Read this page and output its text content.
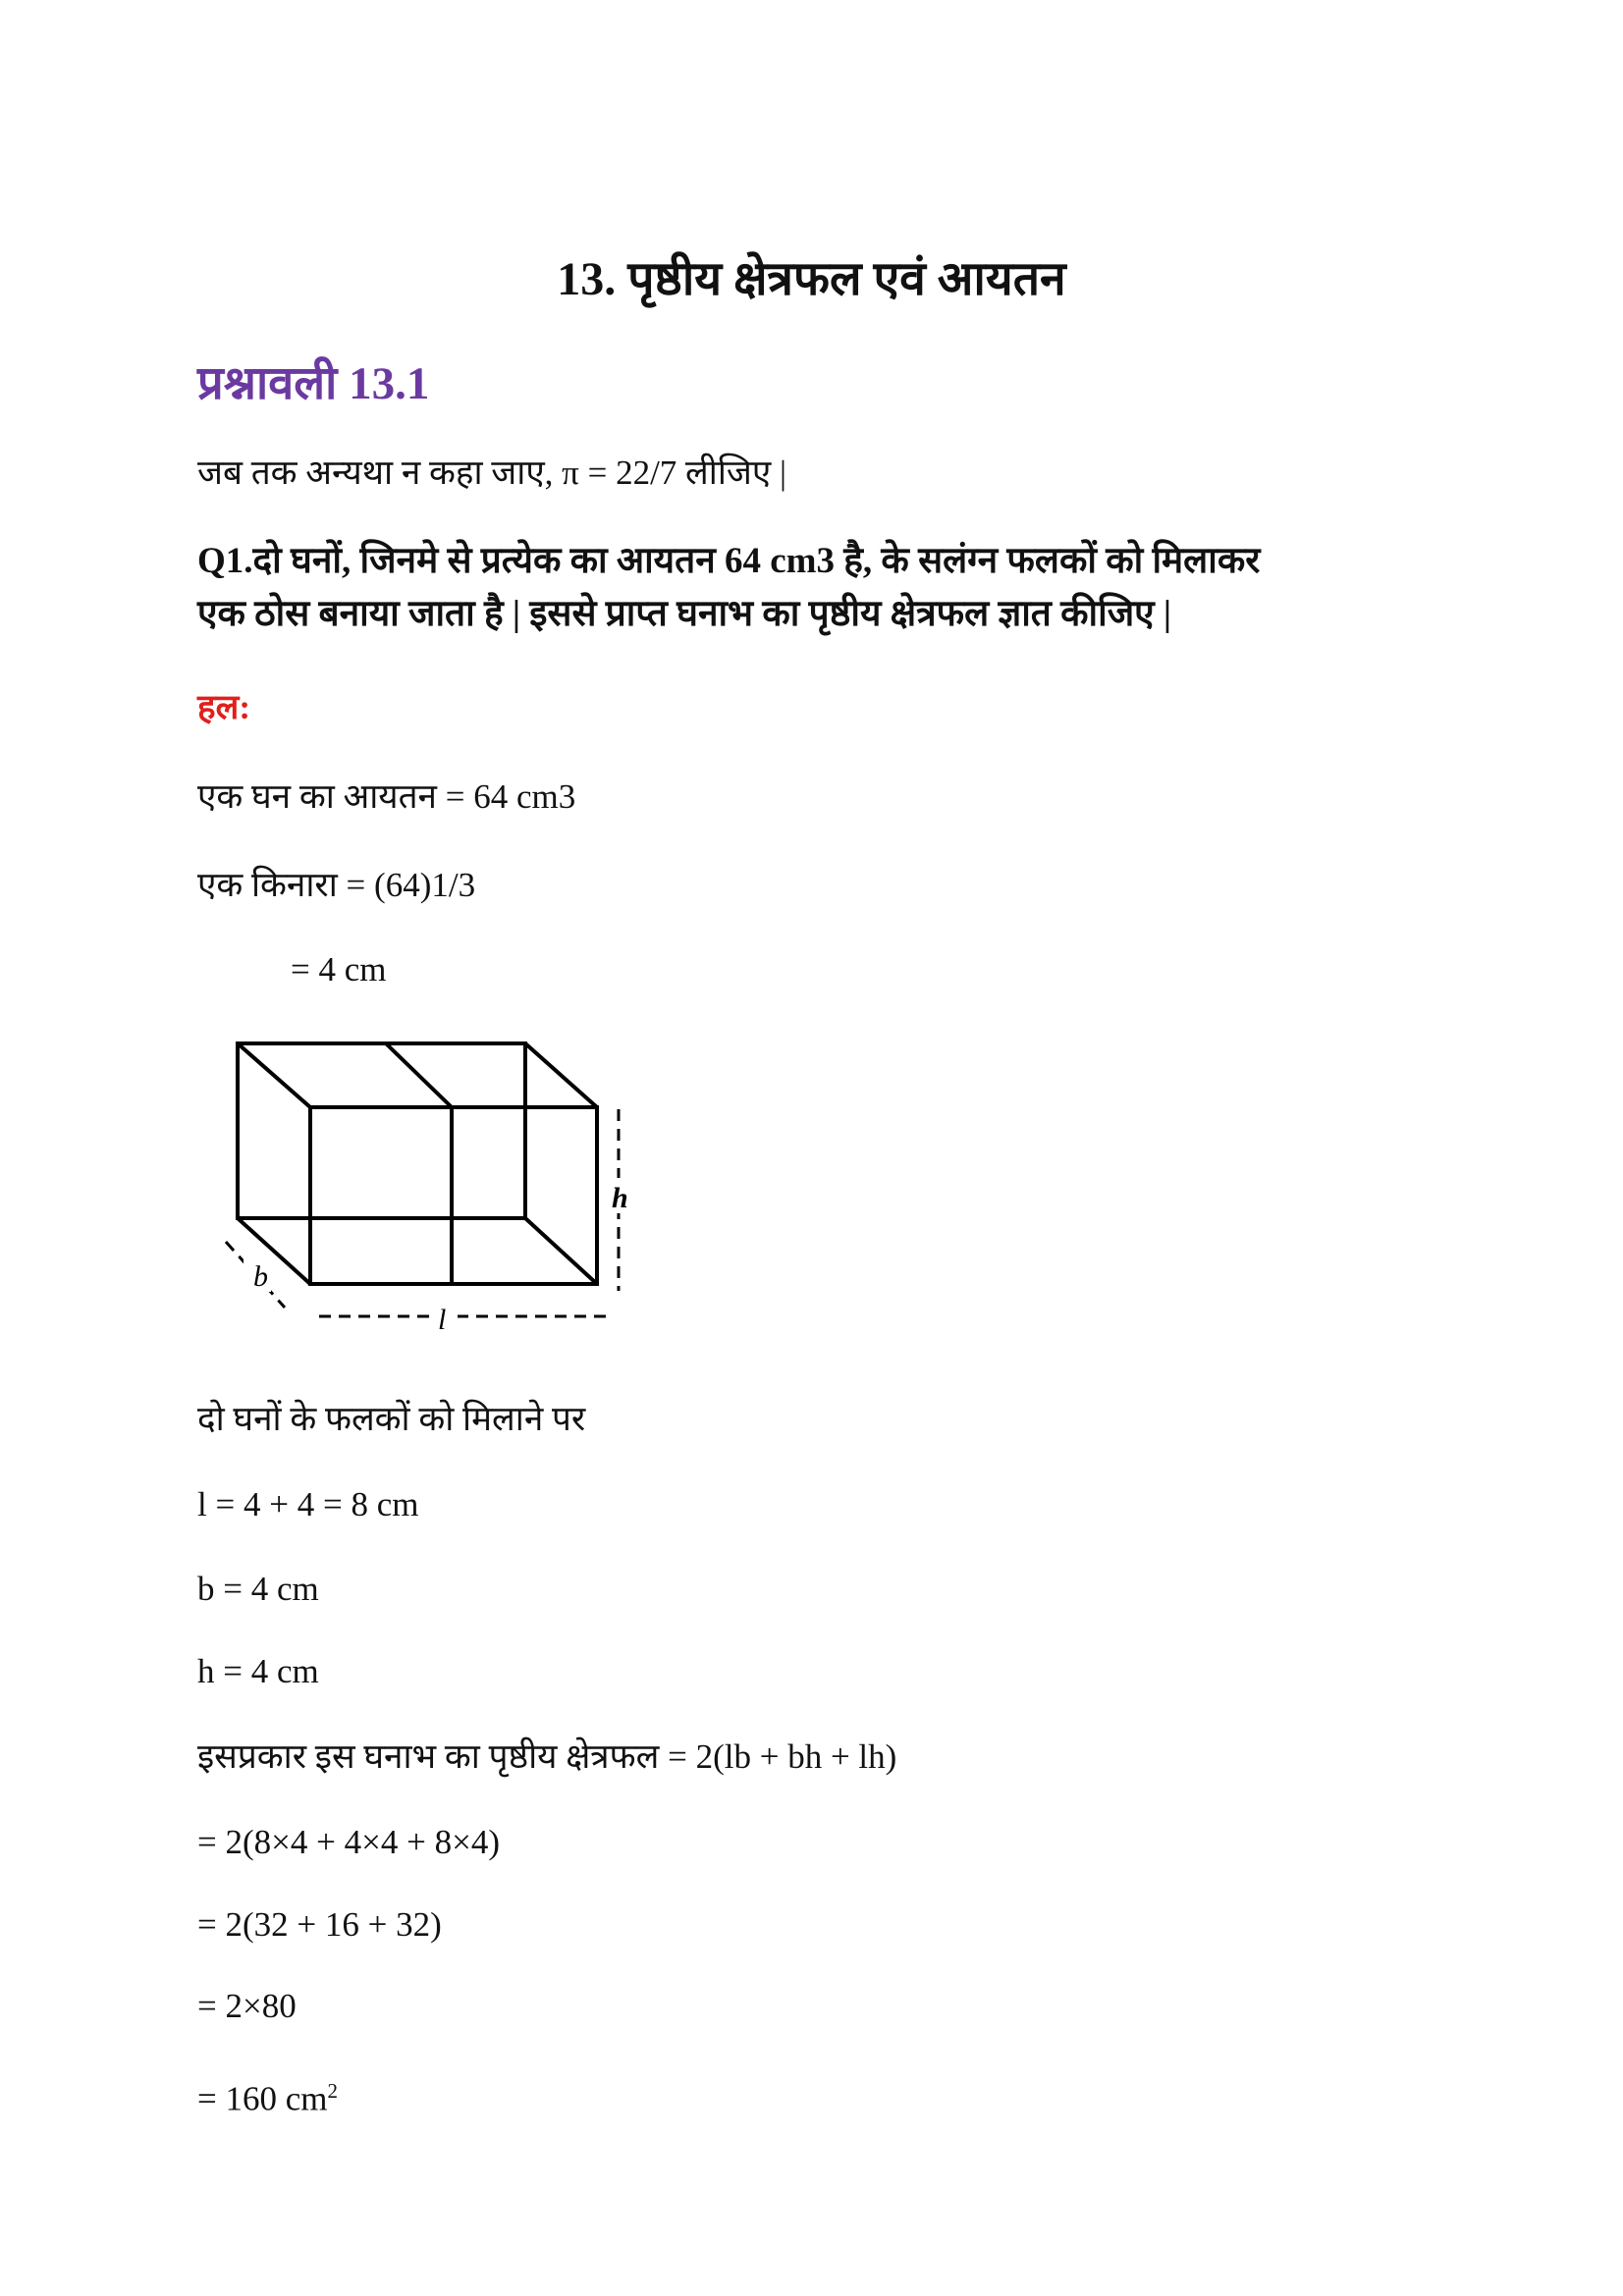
13. पृष्ठीय क्षेत्रफल एवं आयतन
प्रश्नावली 13.1
जब तक अन्यथा न कहा जाए, π = 22/7 लीजिए |
Q1.दो घनों, जिनमे से प्रत्येक का आयतन 64 cm3 है, के सलंग्न फलकों को मिलाकर
एक ठोस बनाया जाता है | इससे प्राप्त घनाभ का पृष्ठीय क्षेत्रफल ज्ञात कीजिए |
हल:
एक घन का आयतन = 64 cm3
एक किनारा = (64)1/3
= 4 cm
h
b
l
दो घनों के फलकों को मिलाने पर
l = 4 + 4 = 8 cm
b = 4 cm
h = 4 cm
इसप्रकार इस घनाभ का पृष्ठीय क्षेत्रफल = 2(lb + bh + lh)
= 2(8×4 + 4×4 + 8×4)
= 2(32 + 16 + 32)
= 2×80
= 160 $cm^2$
